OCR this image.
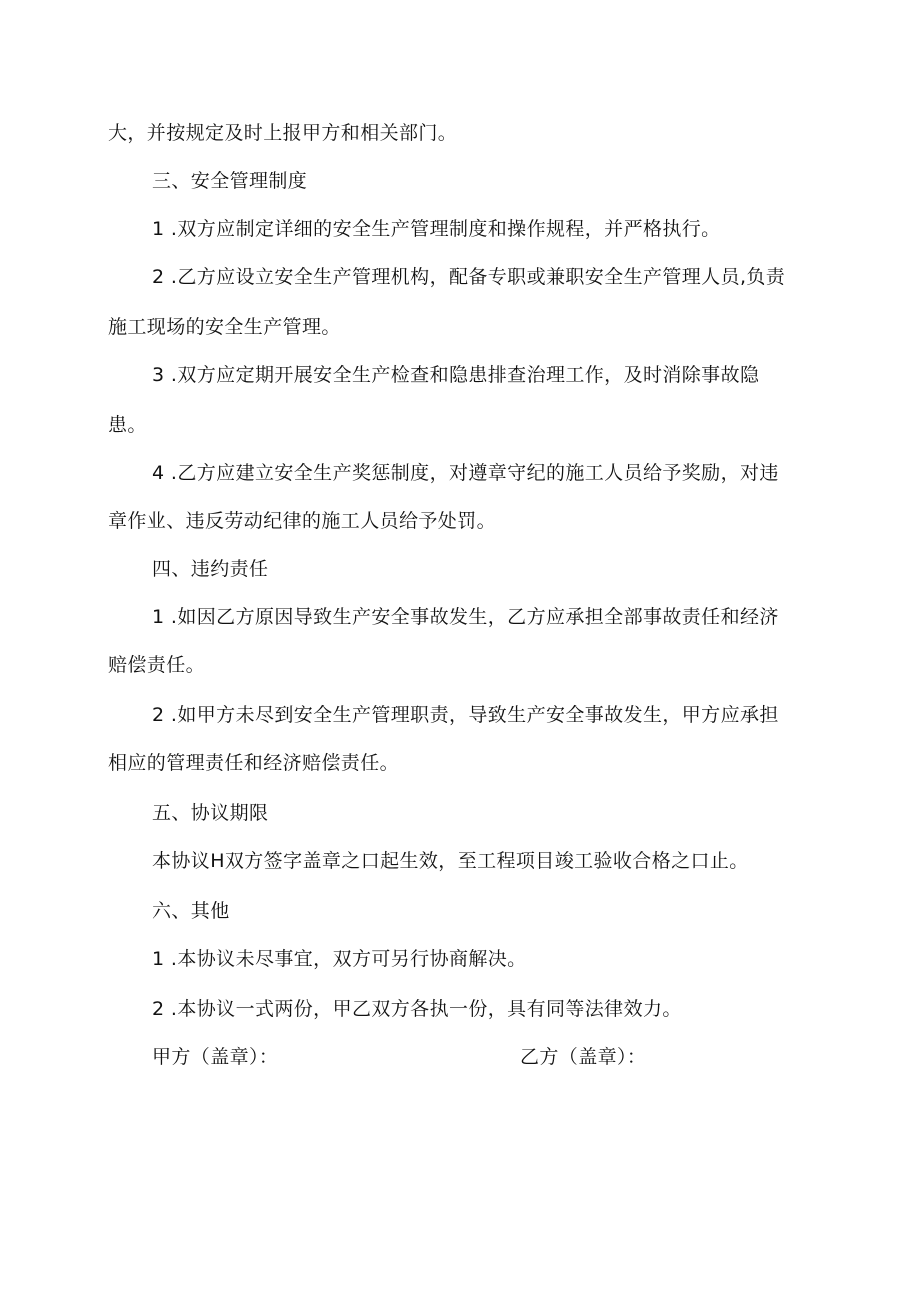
大，并按规定及时上报甲方和相关部门。
三、安全管理制度
1 .双方应制定详细的安全生产管理制度和操作规程，并严格执行。
2 .乙方应设立安全生产管理机构，配备专职或兼职安全生产管理人员,负责
施工现场的安全生产管理。
3 .双方应定期开展安全生产检查和隐患排查治理工作，及时消除事故隐
患。
4 .乙方应建立安全生产奖惩制度，对遵章守纪的施工人员给予奖励，对违
章作业、违反劳动纪律的施工人员给予处罚。
四、违约责任
1 .如因乙方原因导致生产安全事故发生，乙方应承担全部事故责任和经济
赔偿责任。
2 .如甲方未尽到安全生产管理职责，导致生产安全事故发生，甲方应承担
相应的管理责任和经济赔偿责任。
五、协议期限
本协议H双方签字盖章之口起生效，至工程项目竣工验收合格之口止。
六、其他
1 .本协议未尽事宜，双方可另行协商解决。
2 .本协议一式两份，甲乙双方各执一份，具有同等法律效力。
甲方（盖章）：	乙方（盖章）：
